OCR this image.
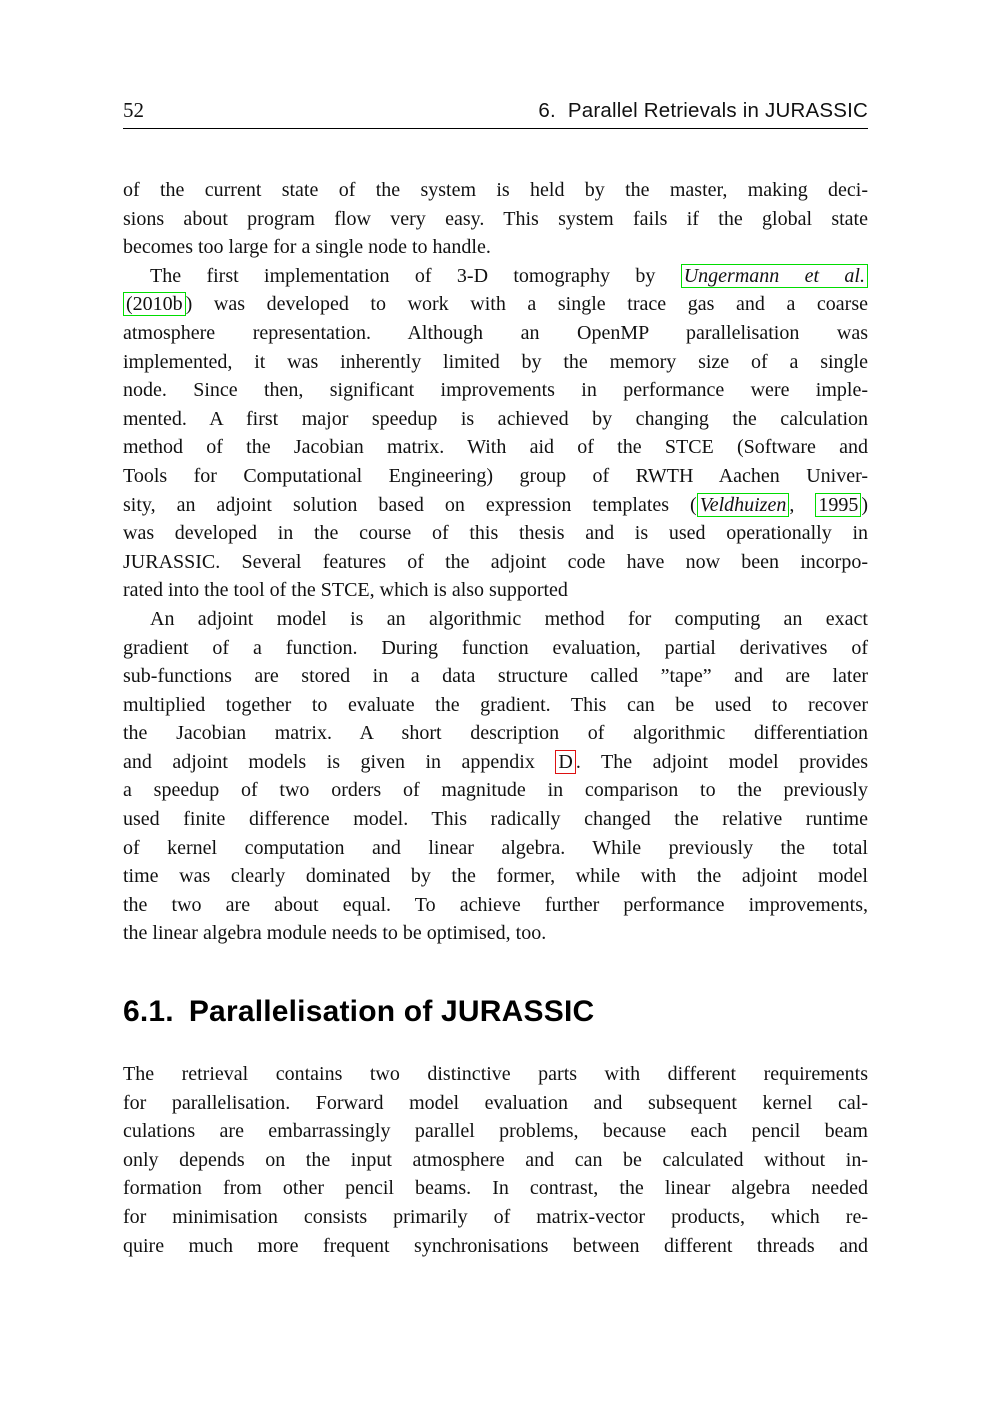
52	6. Parallel Retrievals in JURASSIC
of the current state of the system is held by the master, making deci-
sions about program flow very easy. This system fails if the global state
becomes too large for a single node to handle.
The first implementation of 3-D tomography by Ungermann et al.
(2010b ) was developed to work with a single trace gas and a coarse
atmosphere representation. Although an OpenMP parallelisation was
implemented, it was inherently limited by the memory size of a single
node. Since then, significant improvements in performance were imple-
mented. A first major speedup is achieved by changing the calculation
method of the Jacobian matrix. With aid of the STCE (Software and
Tools for Computational Engineering) group of RWTH Aachen Univer-
sity, an adjoint solution based on expression templates ( Veldhuizen , 1995 )
was developed in the course of this thesis and is used operationally in
JURASSIC. Several features of the adjoint code have now been incorpo-
rated into the tool of the STCE, which is also supported
An adjoint model is an algorithmic method for computing an exact
gradient of a function. During function evaluation, partial derivatives of
sub-functions are stored in a data structure called ”tape” and are later
multiplied together to evaluate the gradient. This can be used to recover
the Jacobian matrix. A short description of algorithmic differentiation
and adjoint models is given in appendix D . The adjoint model provides
a speedup of two orders of magnitude in comparison to the previously
used finite difference model. This radically changed the relative runtime
of kernel computation and linear algebra. While previously the total
time was clearly dominated by the former, while with the adjoint model
the two are about equal. To achieve further performance improvements,
the linear algebra module needs to be optimised, too.
6.1. Parallelisation of JURASSIC
The retrieval contains two distinctive parts with different requirements
for parallelisation. Forward model evaluation and subsequent kernel cal-
culations are embarrassingly parallel problems, because each pencil beam
only depends on the input atmosphere and can be calculated without in-
formation from other pencil beams. In contrast, the linear algebra needed
for minimisation consists primarily of matrix-vector products, which re-
quire much more frequent synchronisations between different threads and
